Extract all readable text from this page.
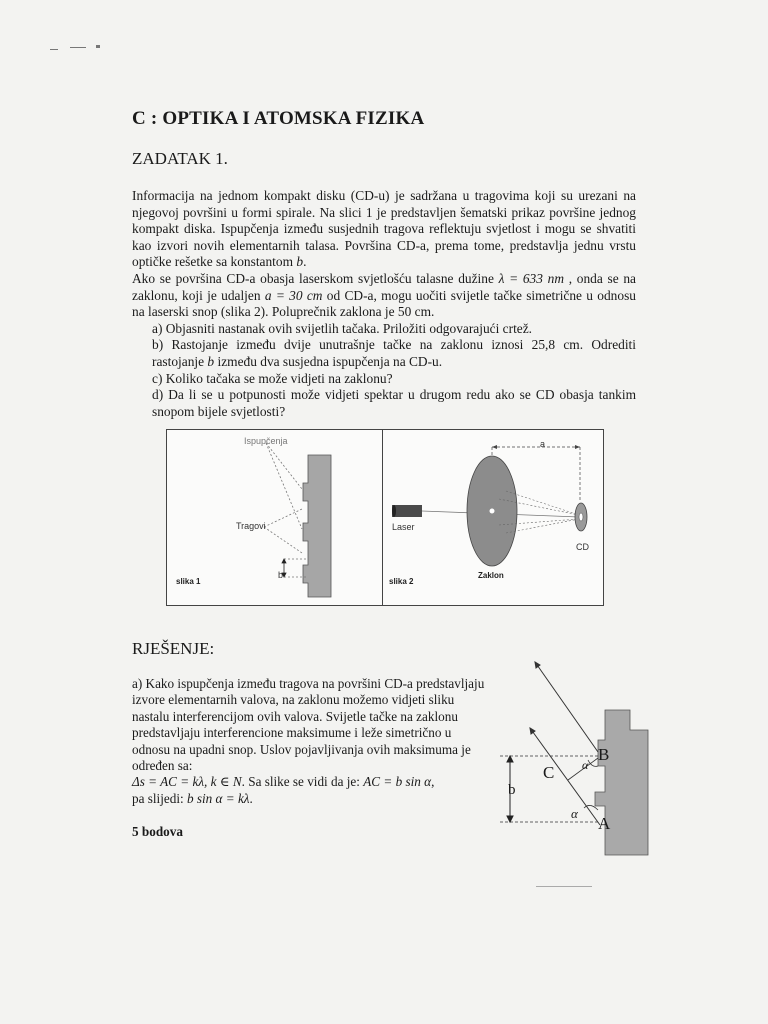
C : OPTIKA I ATOMSKA FIZIKA
ZADATAK 1.

Informacija na jednom kompakt disku (CD-u) je sadržana u tragovima koji su urezani na njegovoj površini u formi spirale. Na slici 1 je predstavljen šematski prikaz površine jednog kompakt diska. Ispupčenja između susjednih tragova reflektuju svjetlost i mogu se shvatiti kao izvori novih elementarnih talasa. Površina CD-a, prema tome, predstavlja jednu vrstu optičke rešetke sa konstantom b.

Ako se površina CD-a obasja laserskom svjetlošću talasne dužine λ = 633 nm , onda se na zaklonu, koji je udaljen a = 30 cm od CD-a, mogu uočiti svijetle tačke simetrične u odnosu na laserski snop (slika 2). Poluprečnik zaklona je 50 cm.

a) Objasniti nastanak ovih svijetlih tačaka. Priložiti odgovarajući crtež.

b) Rastojanje između dvije unutrašnje tačke na zaklonu iznosi 25,8 cm. Odrediti rastojanje b između dva susjedna ispupčenja na CD-u.

c) Koliko tačaka se može vidjeti na zaklonu?

d) Da li se u potpunosti može vidjeti spektar u drugom redu ako se CD obasja tankim snopom bijele svjetlosti?

Ispupčenja
Tragovi
b
slika 1
Laser
a
CD
Zaklon
slika 2
RJEŠENJE:

a) Kako ispupčenja između tragova na površini CD-a predstavljaju izvore elementarnih valova, na zaklonu možemo vidjeti sliku nastalu interferencijom ovih valova. Svijetle tačke na zaklonu predstavljaju interferencione maksimume i leže simetrično u odnosu na upadni snop. Uslov pojavljivanja ovih maksimuma je određen sa:
Δs = AC = kλ, k ∈ N. Sa slike se vidi da je: AC = b sin α,
pa slijedi: b sin α = kλ.

5 bodova
B
C
A
b
α
α
